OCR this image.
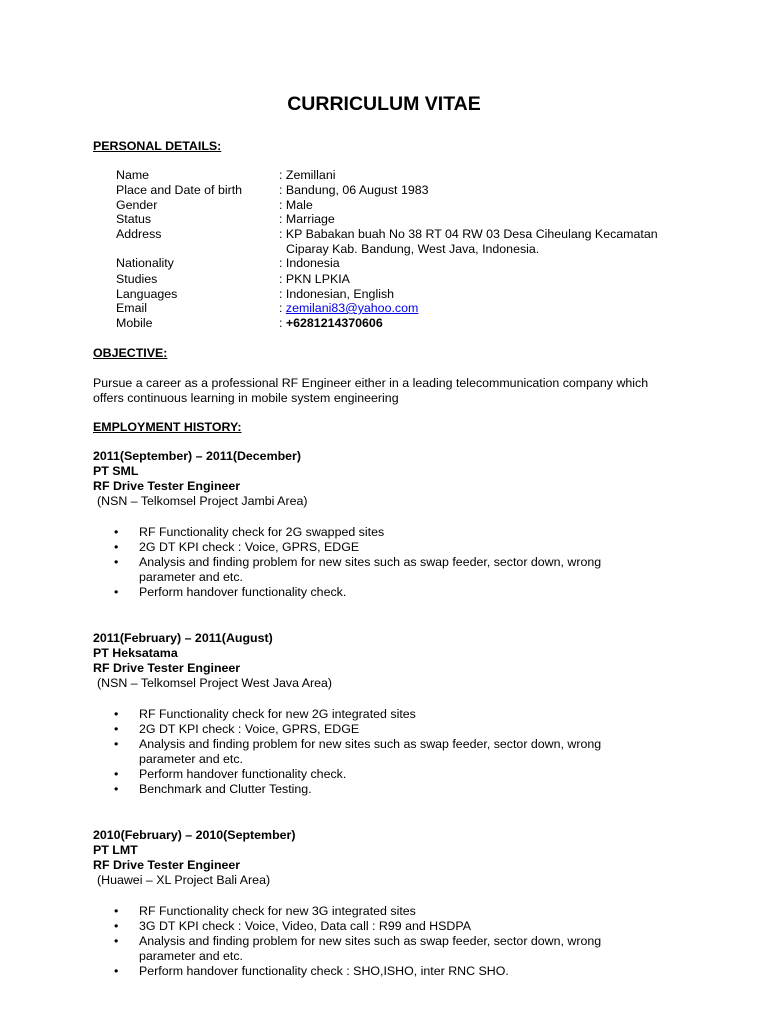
CURRICULUM VITAE
PERSONAL DETAILS:
Name	: Zemillani
Place and Date of birth	: Bandung, 06 August 1983
Gender	: Male
Status	: Marriage
Address	: KP Babakan buah No 38 RT 04 RW 03 Desa Ciheulang Kecamatan
Ciparay Kab. Bandung, West Java, Indonesia.
Nationality	: Indonesia
Studies	: PKN LPKIA
Languages	: Indonesian, English
Email	: zemilani83@yahoo.com
Mobile	: +6281214370606
OBJECTIVE:
Pursue a career as a professional RF Engineer either in a leading telecommunication company which
offers continuous learning in mobile system engineering
EMPLOYMENT HISTORY:
2011(September) – 2011(December)
PT SML
RF Drive Tester Engineer
(NSN – Telkomsel Project Jambi Area)
• RF Functionality check for 2G swapped sites
• 2G DT KPI check : Voice, GPRS, EDGE
• Analysis and finding problem for new sites such as swap feeder, sector down, wrong
parameter and etc.
• Perform handover functionality check.
2011(February) – 2011(August)
PT Heksatama
RF Drive Tester Engineer
(NSN – Telkomsel Project West Java Area)
• RF Functionality check for new 2G integrated sites
• 2G DT KPI check : Voice, GPRS, EDGE
• Analysis and finding problem for new sites such as swap feeder, sector down, wrong
parameter and etc.
• Perform handover functionality check.
• Benchmark and Clutter Testing.
2010(February) – 2010(September)
PT LMT
RF Drive Tester Engineer
(Huawei – XL Project Bali Area)
• RF Functionality check for new 3G integrated sites
• 3G DT KPI check : Voice, Video, Data call : R99 and HSDPA
• Analysis and finding problem for new sites such as swap feeder, sector down, wrong
parameter and etc.
• Perform handover functionality check : SHO,ISHO, inter RNC SHO.
